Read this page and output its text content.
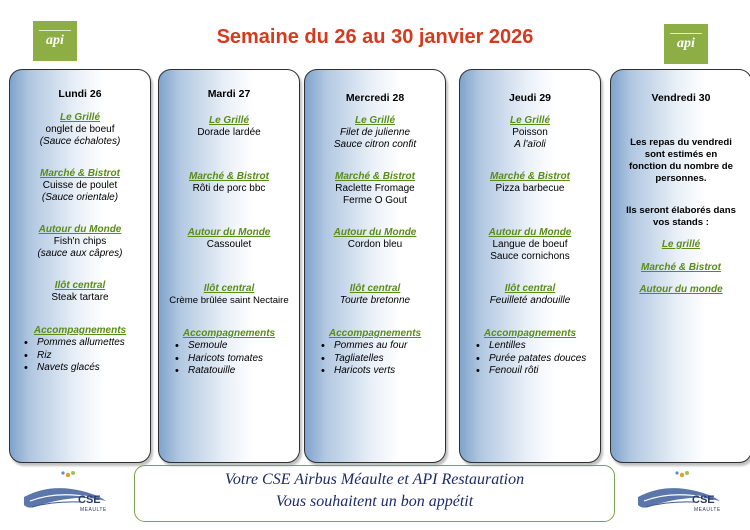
api	Semaine du 26 au 30 janvier 2026	api
Lundi 26
Le Grillé
onglet de boeuf
(Sauce échalotes)
Marché & Bistrot
Cuisse de poulet
(Sauce orientale)
Autour du Monde
Fish'n chips
(sauce aux câpres)
Ilôt central
Steak tartare
Accompagnements
• Pommes allumettes
• Riz
• Navets glacés
Mardi 27
Le Grillé
Dorade lardée
Marché & Bistrot
Rôti de porc bbc
Autour du Monde
Cassoulet
Ilôt central
Crème brûlée saint Nectaire
Accompagnements
• Semoule
• Haricots tomates
• Ratatouille
Mercredi 28
Le Grillé
Filet de julienne
Sauce citron confit
Marché & Bistrot
Raclette Fromage
Ferme O Gout
Autour du Monde
Cordon bleu
Ilôt central
Tourte bretonne
Accompagnements
• Pommes au four
• Tagliatelles
• Haricots verts
Jeudi 29
Le Grillé
Poisson
A l'aïoli
Marché & Bistrot
Pizza barbecue
Autour du Monde
Langue de boeuf
Sauce cornichons
Ilôt central
Feuilleté andouille
Accompagnements
• Lentilles
• Purée patates douces
• Fenouil rôti
Vendredi 30
Les repas du vendredi
sont estimés en
fonction du nombre de
personnes.
Ils seront élaborés dans
vos stands :
Le grillé
Marché & Bistrot
Autour du monde
CSE
MEAULTE
Votre CSE Airbus Méaulte et API Restauration
Vous souhaitent un bon appétit	CSE
MEAULTE
